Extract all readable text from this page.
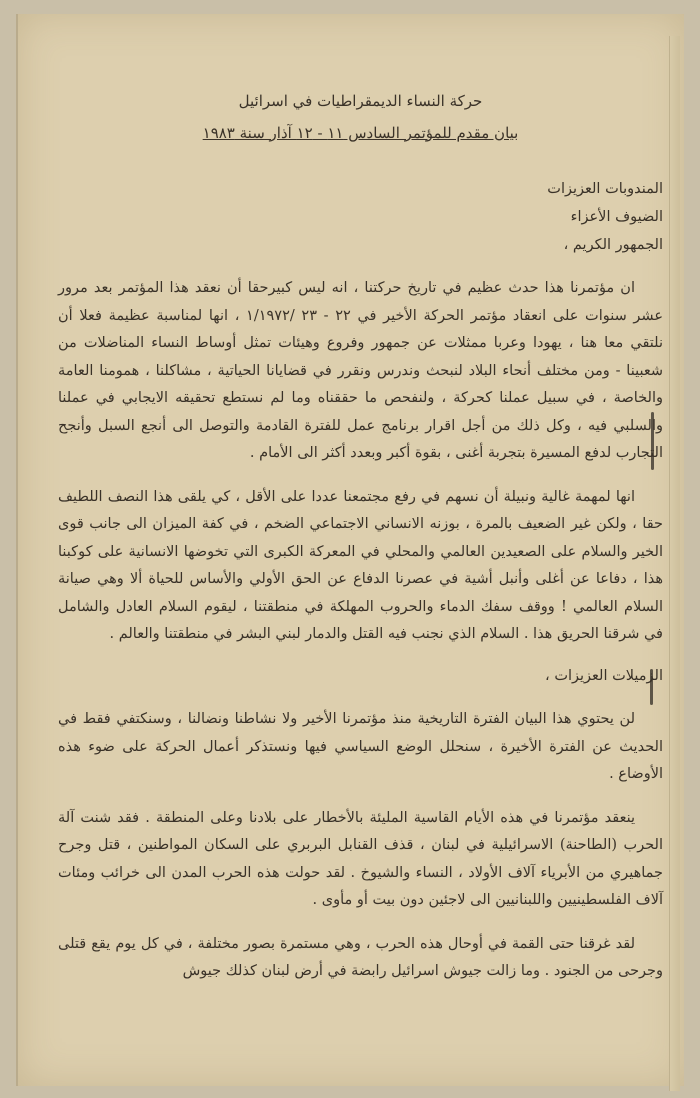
حركة النساء الديمقراطيات في اسرائيل
بيان مقدم للمؤتمر السادس ١١ - ١٢ آذار سنة ١٩٨٣
المندوبات العزيزات
الضيوف الأعزاء
الجمهور الكريم ،

ان مؤتمرنا هذا حدث عظيم في تاريخ حركتنا ، انه ليس كبيرحقا أن نعقد هذا المؤتمر بعد مرور عشر سنوات على انعقاد مؤتمر الحركة الأخير في ٢٢ - ٢٣ /١/١٩٧٢ ، انها لمناسبة عظيمة فعلا أن نلتقي معا هنا ، يهودا وعربا ممثلات عن جمهور وفروع وهيئات تمثل أوساط النساء المناضلات من شعبينا - ومن مختلف أنحاء البلاد لنبحث وندرس ونقرر في قضايانا الحياتية ، مشاكلنا ، همومنا العامة والخاصة ، في سبيل عملنا كحركة ، ولنفحص ما حققناه وما لم نستطع تحقيقه الايجابي في عملنا والسلبي فيه ، وكل ذلك من أجل اقرار برنامج عمل للفترة القادمة والتوصل الى أنجع السبل وأنجح التجارب لدفع المسيرة بتجربة أغنى ، بقوة أكبر وبعدد أكثر الى الأمام .

انها لمهمة غالية ونبيلة أن نسهم في رفع مجتمعنا عددا على الأقل ، كي يلقى هذا النصف اللطيف حقا ، ولكن غير الضعيف بالمرة ، بوزنه الانساني الاجتماعي الضخم ، في كفة الميزان الى جانب قوى الخير والسلام على الصعيدين العالمي والمحلي في المعركة الكبرى التي تخوضها الانسانية على كوكبنا هذا ، دفاعا عن أغلى وأنبل أشية في عصرنا الدفاع عن الحق الأولي والأساس للحياة ألا وهي صيانة السلام العالمي ! ووقف سفك الدماء والحروب المهلكة في منطقتنا ، ليقوم السلام العادل والشامل في شرقنا الحريق هذا . السلام الذي نجنب فيه القتل والدمار لبني البشر في منطقتنا والعالم .

الزميلات العزيزات ،

لن يحتوي هذا البيان الفترة التاريخية منذ مؤتمرنا الأخير ولا نشاطنا ونضالنا ، وسنكتفي فقط في الحديث عن الفترة الأخيرة ، سنحلل الوضع السياسي فيها ونستذكر أعمال الحركة على ضوء هذه الأوضاع .

ينعقد مؤتمرنا في هذه الأيام القاسية المليئة بالأخطار على بلادنا وعلى المنطقة . فقد شنت آلة الحرب (الطاحنة) الاسرائيلية في لبنان ، قذف القنابل البربري على السكان المواطنين ، قتل وجرح جماهيري من الأبرياء آلاف الأولاد ، النساء والشيوخ . لقد حولت هذه الحرب المدن الى خرائب ومئات آلاف الفلسطينيين واللبنانيين الى لاجئين دون بيت أو مأوى .

لقد غرقنا حتى القمة في أوحال هذه الحرب ، وهي مستمرة بصور مختلفة ، في كل يوم يقع قتلى وجرحى من الجنود . وما زالت جيوش اسرائيل رابضة في أرض لبنان كذلك جيوش
